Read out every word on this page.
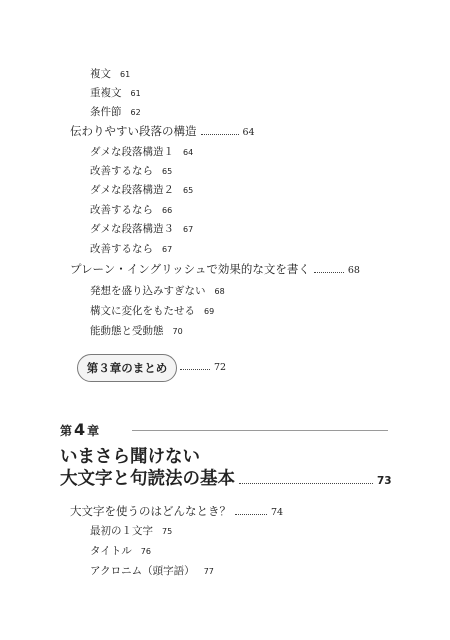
複文 61
重複文 61
条件節 62
伝わりやすい段落の構造	64
ダメな段落構造１ 64
改善するなら 65
ダメな段落構造２ 65
改善するなら 66
ダメな段落構造３ 67
改善するなら 67
プレーン・イングリッシュで効果的な文を書く	68
発想を盛り込みすぎない 68
構文に変化をもたせる 69
能動態と受動態 70
第３章のまとめ	72
第 4 章
いまさら聞けない
大文字と句読法の基本	73
大文字を使うのはどんなとき？	74
最初の１文字 75
タイトル 76
アクロニム（頭字語） 77
